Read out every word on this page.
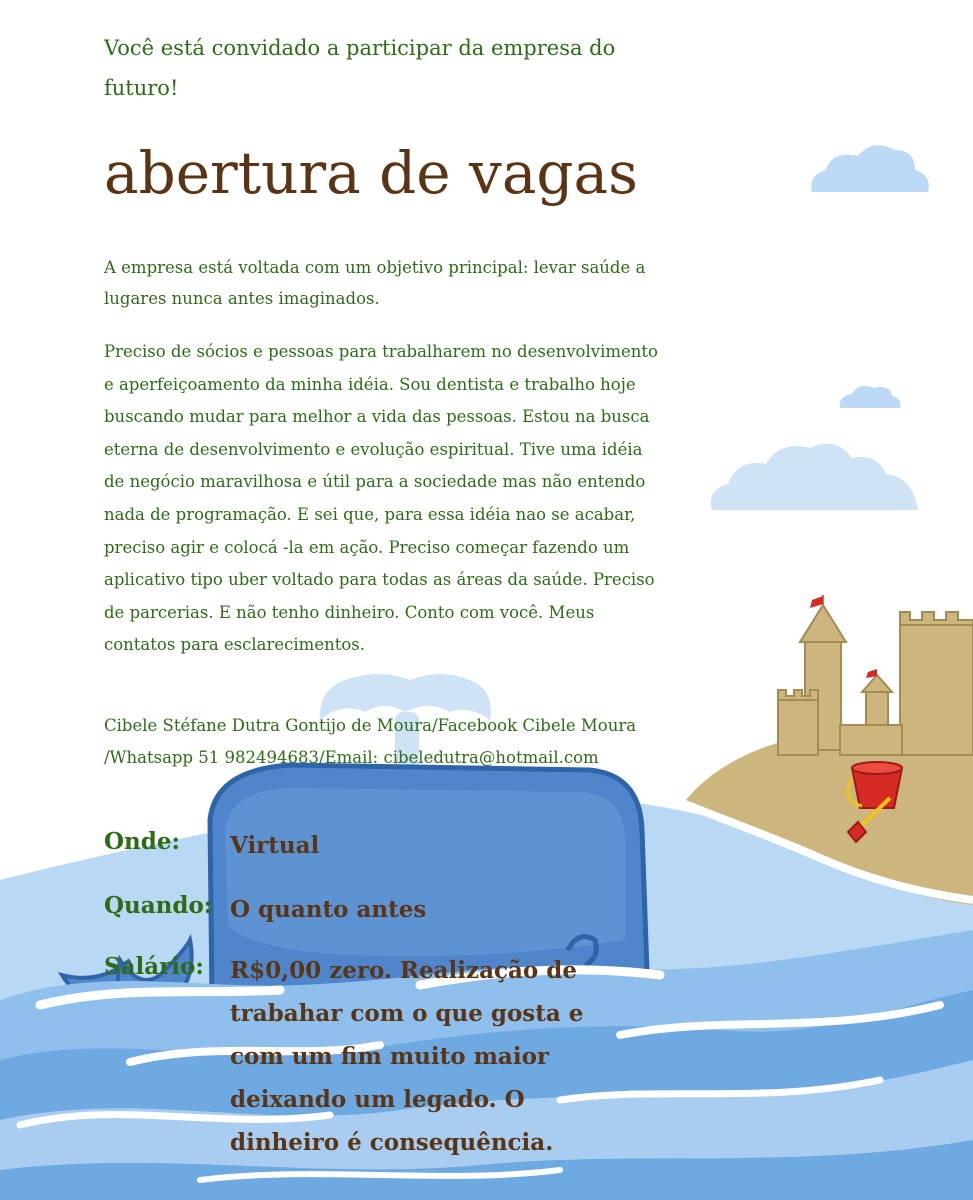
Você está convidado a participar da empresa do futuro!
abertura de vagas
A empresa está voltada com um objetivo principal: levar saúde a lugares nunca antes imaginados.
Preciso de sócios e pessoas para trabalharem no desenvolvimento e aperfeiçoamento da minha idéia. Sou dentista e trabalho hoje buscando mudar para melhor a vida das pessoas. Estou na busca eterna de desenvolvimento e evolução espiritual. Tive uma idéia de negócio maravilhosa e útil para a sociedade mas não entendo nada de programação. E sei que, para essa idéia nao se acabar, preciso agir e colocá -la em ação. Preciso começar fazendo um aplicativo tipo uber voltado para todas as áreas da saúde. Preciso de parcerias. E não tenho dinheiro. Conto com você. Meus contatos para esclarecimentos.
Cibele Stéfane Dutra Gontijo de Moura/Facebook Cibele Moura /Whatsapp 51 982494683/Email: cibeledutra@hotmail.com
Onde: Virtual
Quando: O quanto antes
Salário: R$0,00 zero. Realização de trabahar com o que gosta e com um fim muito maior deixando um legado. O dinheiro é consequência.
